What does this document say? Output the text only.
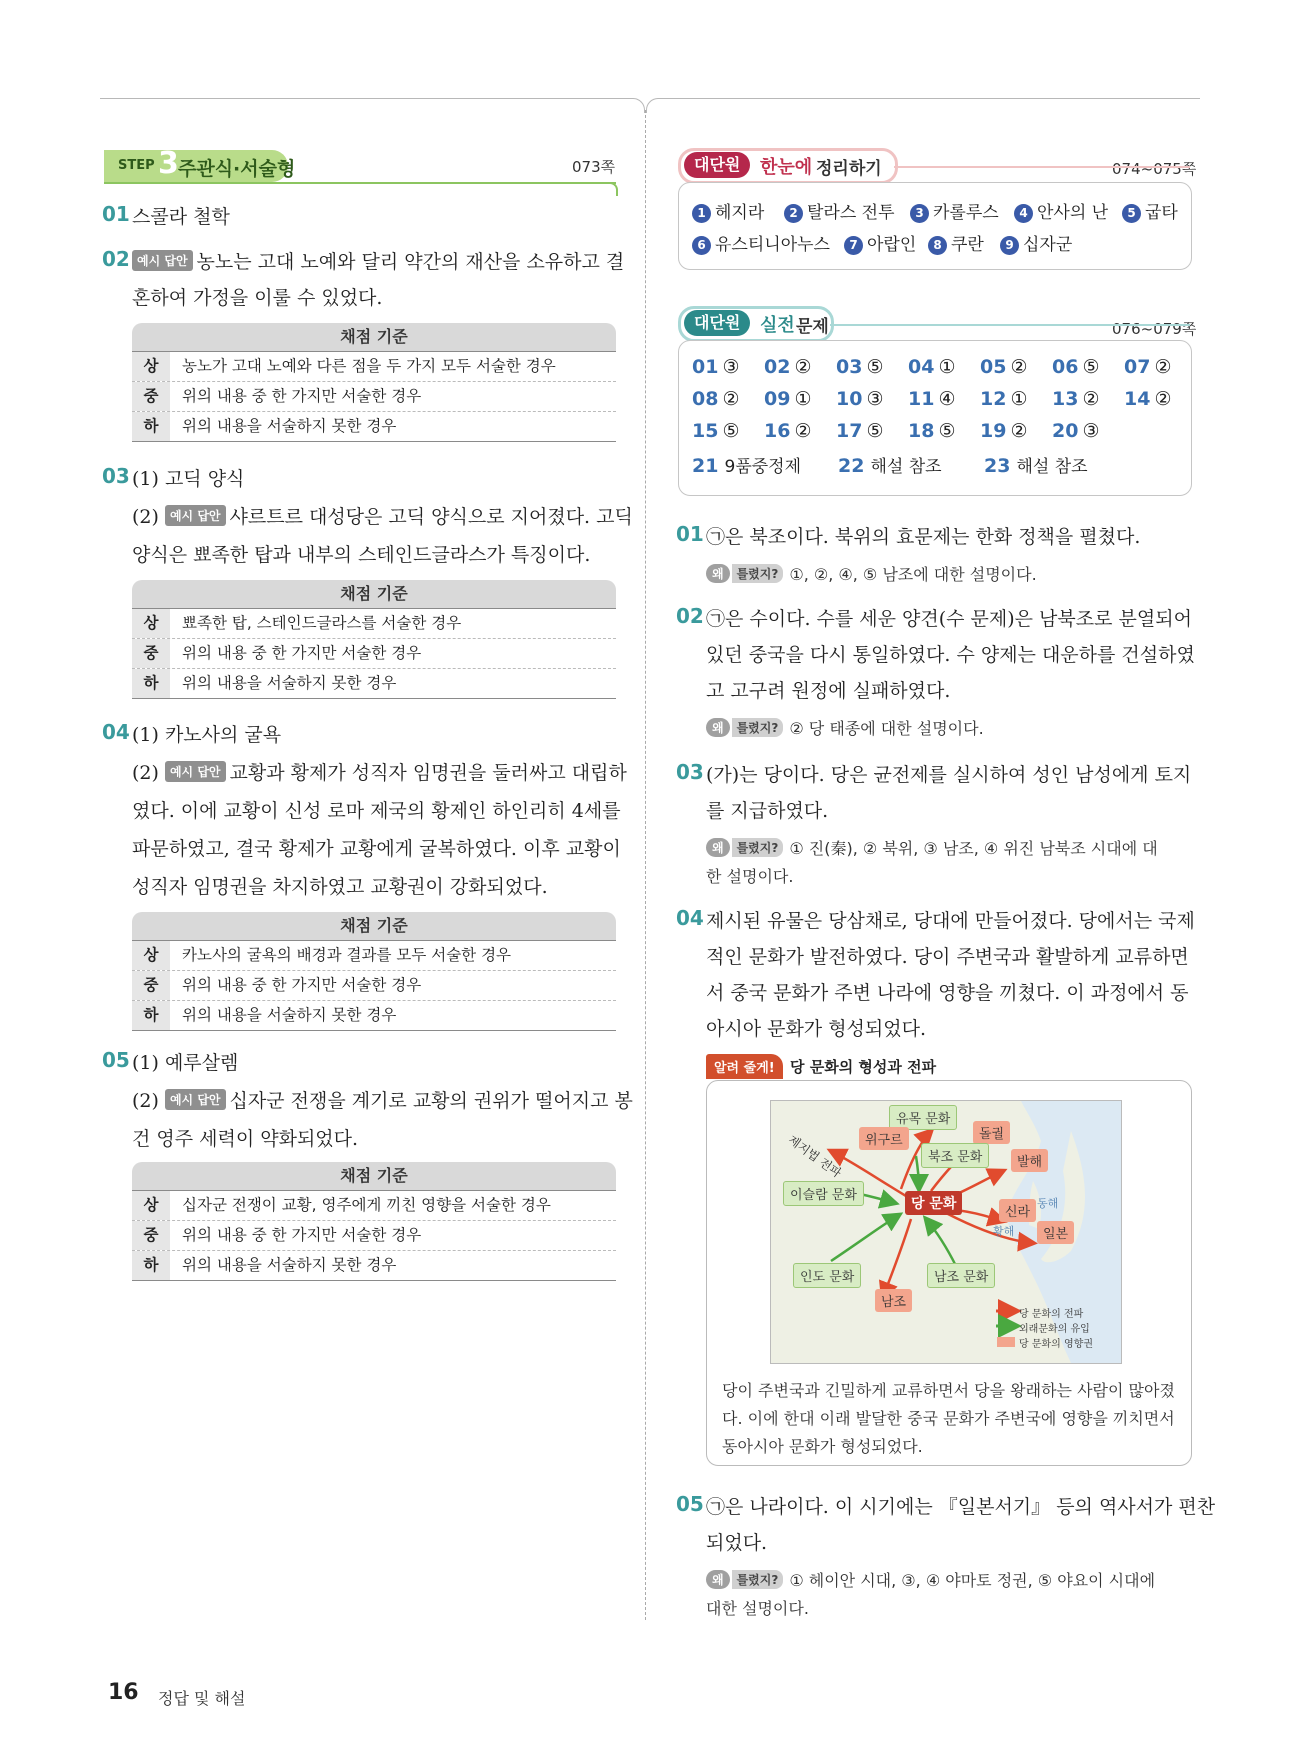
STEP 3 주관식·서술형	073쪽
01 스콜라 철학
02 예시 답안 농노는 고대 노예와 달리 약간의 재산을 소유하고 결
혼하여 가정을 이룰 수 있었다.
채점 기준
상	농노가 고대 노예와 다른 점을 두 가지 모두 서술한 경우
중	위의 내용 중 한 가지만 서술한 경우
하	위의 내용을 서술하지 못한 경우
03 (1) 고딕 양식
(2) 예시 답안 샤르트르 대성당은 고딕 양식으로 지어졌다. 고딕
양식은 뾰족한 탑과 내부의 스테인드글라스가 특징이다.
채점 기준
상	뾰족한 탑, 스테인드글라스를 서술한 경우
중	위의 내용 중 한 가지만 서술한 경우
하	위의 내용을 서술하지 못한 경우
04 (1) 카노사의 굴욕
(2) 예시 답안 교황과 황제가 성직자 임명권을 둘러싸고 대립하
였다. 이에 교황이 신성 로마 제국의 황제인 하인리히 4세를
파문하였고, 결국 황제가 교황에게 굴복하였다. 이후 교황이
성직자 임명권을 차지하였고 교황권이 강화되었다.
채점 기준
상	카노사의 굴욕의 배경과 결과를 모두 서술한 경우
중	위의 내용 중 한 가지만 서술한 경우
하	위의 내용을 서술하지 못한 경우
05 (1) 예루살렘
(2) 예시 답안 십자군 전쟁을 계기로 교황의 권위가 떨어지고 봉
건 영주 세력이 약화되었다.
채점 기준
상	십자군 전쟁이 교황, 영주에게 끼친 영향을 서술한 경우
중	위의 내용 중 한 가지만 서술한 경우
하	위의 내용을 서술하지 못한 경우
대단원	한눈에 정리하기	074~075쪽
1 헤지라	2 탈라스 전투	3 카롤루스	4 안사의 난	5 굽타
6 유스티니아누스	7 아랍인	8 쿠란	9 십자군
대단원	실전 문제	076~079쪽
01 ③ 02 ② 03 ⑤ 04 ① 05 ② 06 ⑤ 07 ②
08 ② 09 ① 10 ③ 11 ④ 12 ① 13 ② 14 ②
15 ⑤ 16 ② 17 ⑤ 18 ⑤ 19 ② 20 ③
21 9품중정제 22 해설 참조 23 해설 참조
01 ㉠은 북조이다. 북위의 효문제는 한화 정책을 펼쳤다.
왜 틀렸지? ①, ②, ④, ⑤ 남조에 대한 설명이다.
02 ㉠은 수이다. 수를 세운 양견(수 문제)은 남북조로 분열되어
있던 중국을 다시 통일하였다. 수 양제는 대운하를 건설하였
고 고구려 원정에 실패하였다.
왜 틀렸지? ② 당 태종에 대한 설명이다.
03 (가)는 당이다. 당은 균전제를 실시하여 성인 남성에게 토지
를 지급하였다.
왜 틀렸지? ① 진(秦), ② 북위, ③ 남조, ④ 위진 남북조 시대에 대
한 설명이다.
04 제시된 유물은 당삼채로, 당대에 만들어졌다. 당에서는 국제
적인 문화가 발전하였다. 당이 주변국과 활발하게 교류하면
서 중국 문화가 주변 나라에 영향을 끼쳤다. 이 과정에서 동
아시아 문화가 형성되었다.
알려 줄게!	당 문화의 형성과 전파
유목 문화
위구르	돌궐
북조 문화	발해
제지법 전파
이슬람 문화
당 문화
신라
동해
황해	일본
인도 문화	남조 문화
남조
당 문화의 전파
외래문화의 유입
당 문화의 영향권
당이 주변국과 긴밀하게 교류하면서 당을 왕래하는 사람이 많아졌
다. 이에 한대 이래 발달한 중국 문화가 주변국에 영향을 끼치면서
동아시아 문화가 형성되었다.
05 ㉠은 나라이다. 이 시기에는 『일본서기』 등의 역사서가 편찬
되었다.
왜 틀렸지? ① 헤이안 시대, ③, ④ 야마토 정권, ⑤ 야요이 시대에
대한 설명이다.
16 정답 및 해설
